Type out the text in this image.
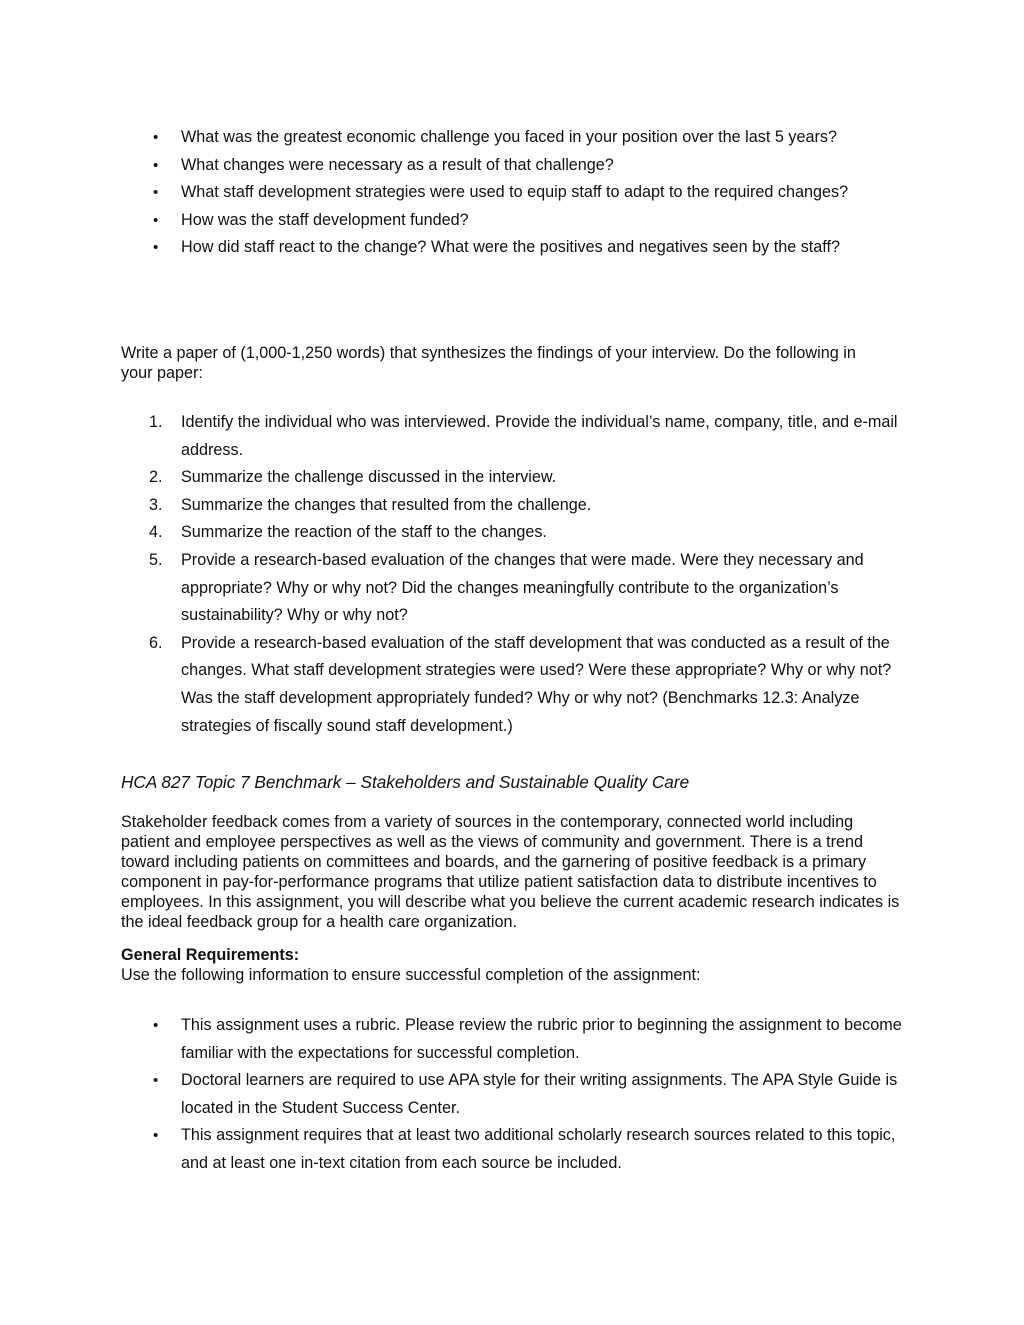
• What was the greatest economic challenge you faced in your position over the last 5 years?
• What changes were necessary as a result of that challenge?
• What staff development strategies were used to equip staff to adapt to the required changes?
• How was the staff development funded?
• How did staff react to the change? What were the positives and negatives seen by the staff?

Write a paper of (1,000-1,250 words) that synthesizes the findings of your interview. Do the following in your paper:

1. Identify the individual who was interviewed. Provide the individual’s name, company, title, and e-mail address.
2. Summarize the challenge discussed in the interview.
3. Summarize the changes that resulted from the challenge.
4. Summarize the reaction of the staff to the changes.
5. Provide a research-based evaluation of the changes that were made. Were they necessary and appropriate? Why or why not? Did the changes meaningfully contribute to the organization’s sustainability? Why or why not?
6. Provide a research-based evaluation of the staff development that was conducted as a result of the changes. What staff development strategies were used? Were these appropriate? Why or why not? Was the staff development appropriately funded? Why or why not? (Benchmarks 12.3: Analyze strategies of fiscally sound staff development.)

HCA 827 Topic 7 Benchmark – Stakeholders and Sustainable Quality Care

Stakeholder feedback comes from a variety of sources in the contemporary, connected world including patient and employee perspectives as well as the views of community and government. There is a trend toward including patients on committees and boards, and the garnering of positive feedback is a primary component in pay-for-performance programs that utilize patient satisfaction data to distribute incentives to employees. In this assignment, you will describe what you believe the current academic research indicates is the ideal feedback group for a health care organization.

General Requirements:

Use the following information to ensure successful completion of the assignment:

• This assignment uses a rubric. Please review the rubric prior to beginning the assignment to become familiar with the expectations for successful completion.
• Doctoral learners are required to use APA style for their writing assignments. The APA Style Guide is located in the Student Success Center.
• This assignment requires that at least two additional scholarly research sources related to this topic, and at least one in-text citation from each source be included.
